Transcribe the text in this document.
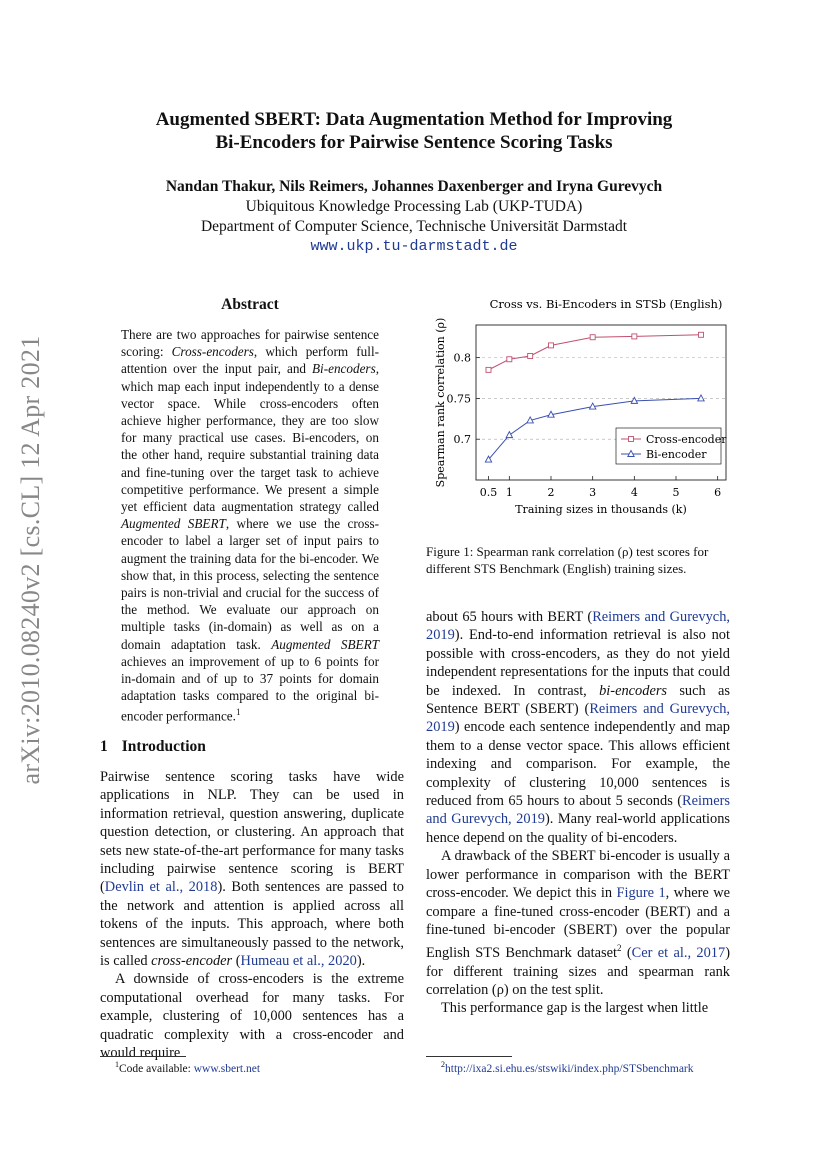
arXiv:2010.08240v2 [cs.CL] 12 Apr 2021
Augmented SBERT: Data Augmentation Method for Improving
Bi-Encoders for Pairwise Sentence Scoring Tasks
Nandan Thakur, Nils Reimers, Johannes Daxenberger and Iryna Gurevych
Ubiquitous Knowledge Processing Lab (UKP-TUDA)
Department of Computer Science, Technische Universität Darmstadt
www.ukp.tu-darmstadt.de
Abstract
There are two approaches for pairwise sentence scoring: Cross-encoders, which perform full-attention over the input pair, and Bi-encoders, which map each input independently to a dense vector space. While cross-encoders often achieve higher performance, they are too slow for many practical use cases. Bi-encoders, on the other hand, require substantial training data and fine-tuning over the target task to achieve competitive performance. We present a simple yet efficient data augmentation strategy called Augmented SBERT, where we use the cross-encoder to label a larger set of input pairs to augment the training data for the bi-encoder. We show that, in this process, selecting the sentence pairs is non-trivial and crucial for the success of the method. We evaluate our approach on multiple tasks (in-domain) as well as on a domain adaptation task. Augmented SBERT achieves an improvement of up to 6 points for in-domain and of up to 37 points for domain adaptation tasks compared to the original bi-encoder performance.$^1$
1 Introduction

Pairwise sentence scoring tasks have wide applications in NLP. They can be used in information retrieval, question answering, duplicate question detection, or clustering. An approach that sets new state-of-the-art performance for many tasks including pairwise sentence scoring is BERT (Devlin et al., 2018). Both sentences are passed to the network and attention is applied across all tokens of the inputs. This approach, where both sentences are simultaneously passed to the network, is called cross-encoder (Humeau et al., 2020).

A downside of cross-encoders is the extreme computational overhead for many tasks. For example, clustering of 10,000 sentences has a quadratic complexity with a cross-encoder and would require

$^1$Code available: www.sbert.net
Cross vs. Bi-Encoders in STSb (English)
0.7
0.75
0.8
0.5 1	2	3	4	5	6
Training sizes in thousands (k)
Spearman rank correlation (ρ)	Cross-encoder
Bi-encoder
Figure 1: Spearman rank correlation (ρ) test scores for different STS Benchmark (English) training sizes.

about 65 hours with BERT (Reimers and Gurevych, 2019). End-to-end information retrieval is also not possible with cross-encoders, as they do not yield independent representations for the inputs that could be indexed. In contrast, bi-encoders such as Sentence BERT (SBERT) (Reimers and Gurevych, 2019) encode each sentence independently and map them to a dense vector space. This allows efficient indexing and comparison. For example, the complexity of clustering 10,000 sentences is reduced from 65 hours to about 5 seconds (Reimers and Gurevych, 2019). Many real-world applications hence depend on the quality of bi-encoders.

A drawback of the SBERT bi-encoder is usually a lower performance in comparison with the BERT cross-encoder. We depict this in Figure 1, where we compare a fine-tuned cross-encoder (BERT) and a fine-tuned bi-encoder (SBERT) over the popular English STS Benchmark dataset$^2$ (Cer et al., 2017) for different training sizes and spearman rank correlation (ρ) on the test split.

This performance gap is the largest when little

$^2$http://ixa2.si.ehu.es/stswiki/index.php/STSbenchmark
